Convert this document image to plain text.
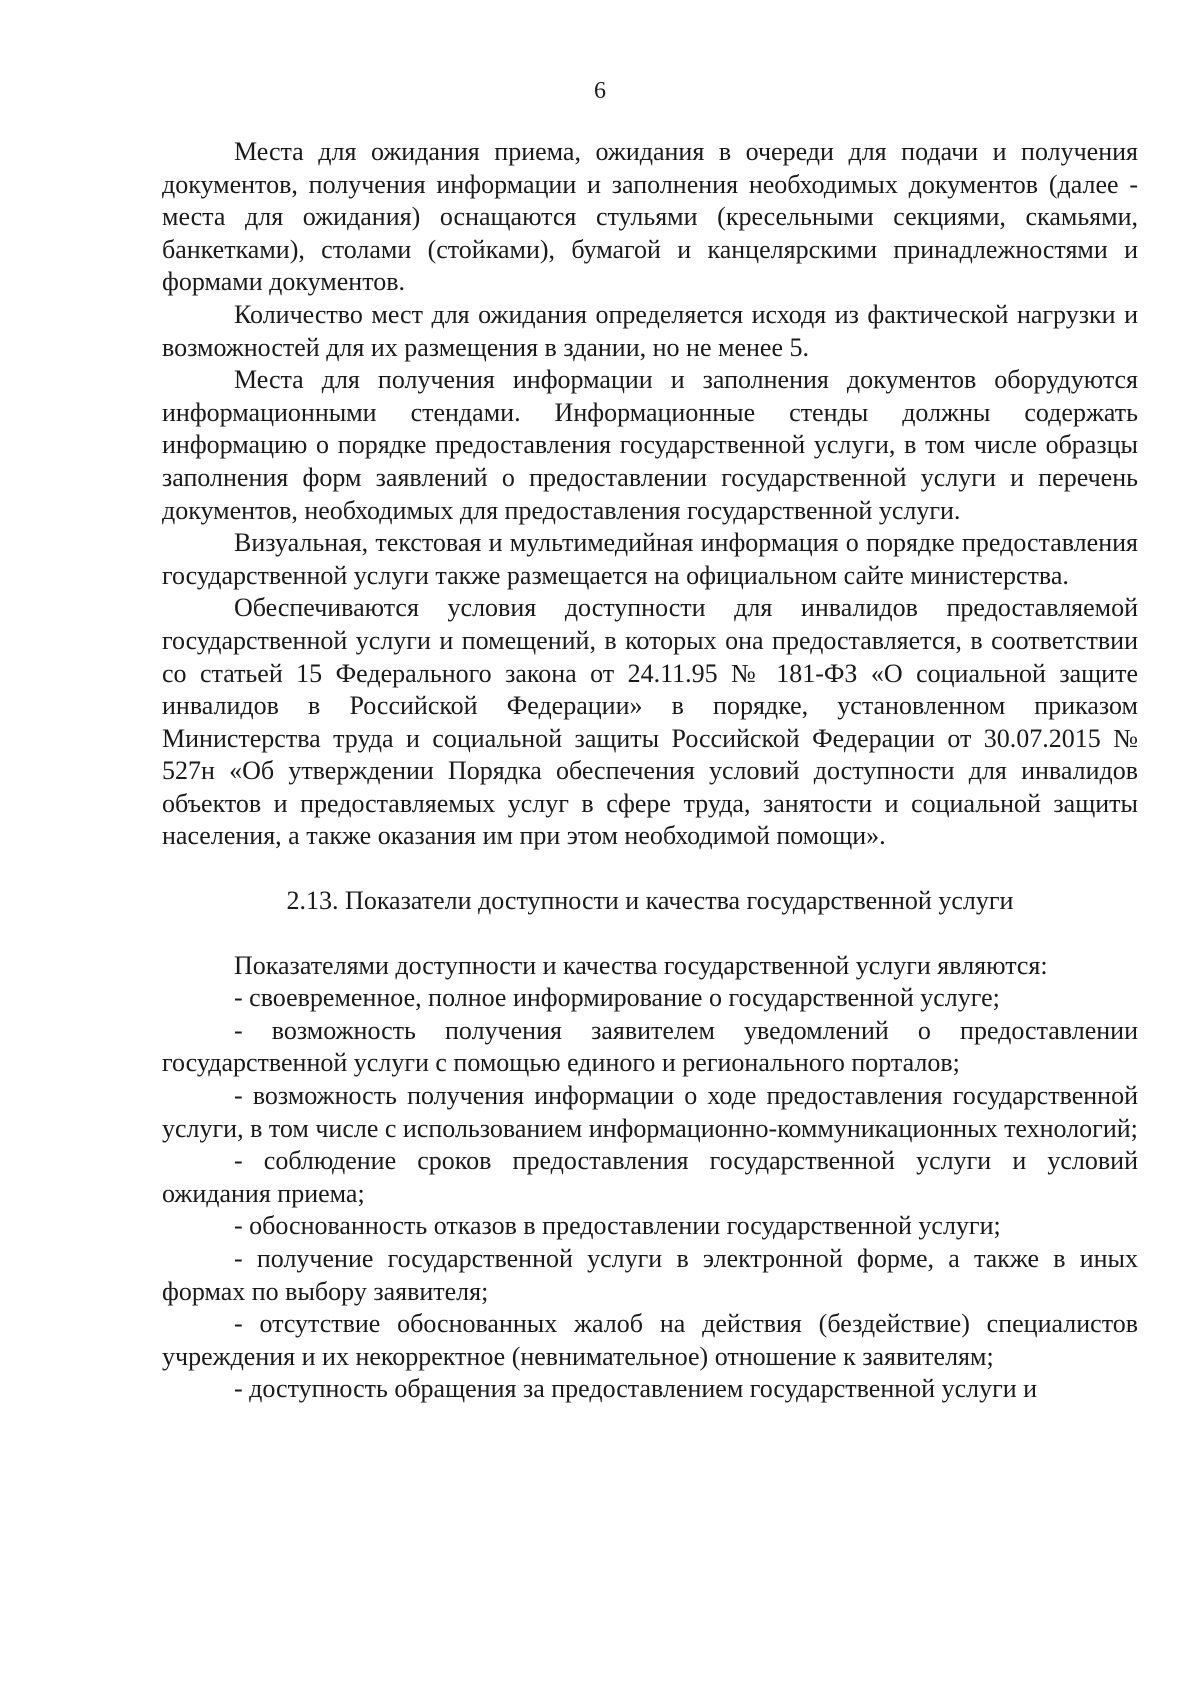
6

Места для ожидания приема, ожидания в очереди для подачи и получения документов, получения информации и заполнения необходимых документов (далее - места для ожидания) оснащаются стульями (кресельными секциями, скамьями, банкетками), столами (стойками), бумагой и канцелярскими принадлежностями и формами документов.

Количество мест для ожидания определяется исходя из фактической нагрузки и возможностей для их размещения в здании, но не менее 5.

Места для получения информации и заполнения документов оборудуются информационными стендами. Информационные стенды должны содержать информацию о порядке предоставления государственной услуги, в том числе образцы заполнения форм заявлений о предоставлении государственной услуги и перечень документов, необходимых для предоставления государственной услуги.

Визуальная, текстовая и мультимедийная информация о порядке предоставления государственной услуги также размещается на официальном сайте министерства.

Обеспечиваются условия доступности для инвалидов предоставляемой государственной услуги и помещений, в которых она предоставляется, в соответствии со статьей 15 Федерального закона от 24.11.95 № 181-ФЗ «О социальной защите инвалидов в Российской Федерации» в порядке, установленном приказом Министерства труда и социальной защиты Российской Федерации от 30.07.2015 № 527н «Об утверждении Порядка обеспечения условий доступности для инвалидов объектов и предоставляемых услуг в сфере труда, занятости и социальной защиты населения, а также оказания им при этом необходимой помощи».

2.13. Показатели доступности и качества государственной услуги

Показателями доступности и качества государственной услуги являются:

- своевременное, полное информирование о государственной услуге;

- возможность получения заявителем уведомлений о предоставлении государственной услуги с помощью единого и регионального порталов;

- возможность получения информации о ходе предоставления государственной услуги, в том числе с использованием информационно-коммуникационных технологий;

- соблюдение сроков предоставления государственной услуги и условий ожидания приема;

- обоснованность отказов в предоставлении государственной услуги;

- получение государственной услуги в электронной форме, а также в иных формах по выбору заявителя;

- отсутствие обоснованных жалоб на действия (бездействие) специалистов учреждения и их некорректное (невнимательное) отношение к заявителям;

- доступность обращения за предоставлением государственной услуги и
